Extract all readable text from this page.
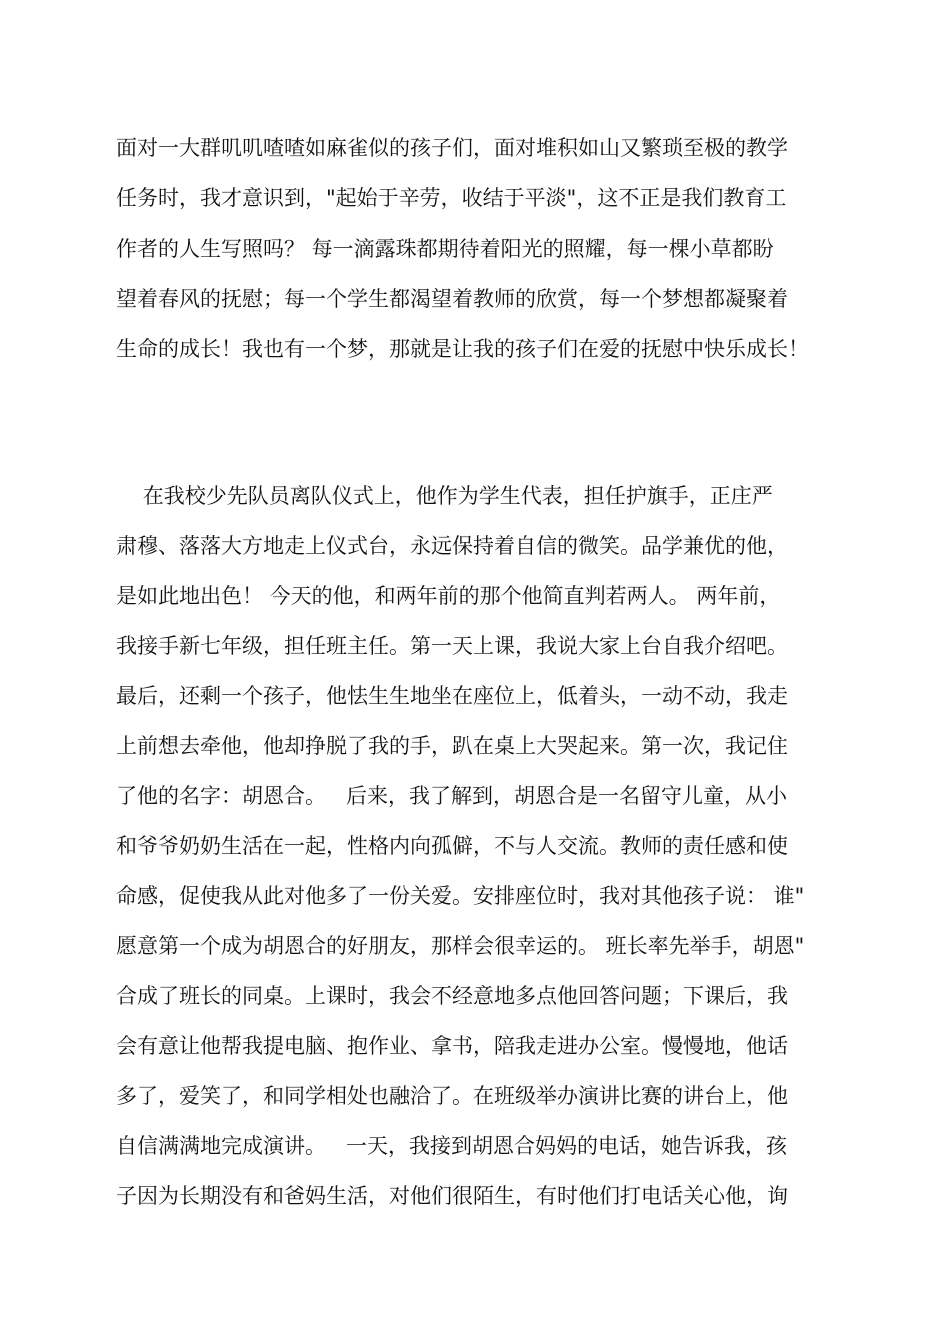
面对一大群叽叽喳喳如麻雀似的孩子们，面对堆积如山又繁琐至极的教学
任务时，我才意识到，"起始于辛劳，收结于平淡"，这不正是我们教育工
作者的人生写照吗？ 每一滴露珠都期待着阳光的照耀，每一棵小草都盼
望着春风的抚慰；每一个学生都渴望着教师的欣赏，每一个梦想都凝聚着
生命的成长！我也有一个梦，那就是让我的孩子们在爱的抚慰中快乐成长！
在我校少先队员离队仪式上，他作为学生代表，担任护旗手，正庄严
肃穆、落落大方地走上仪式台，永远保持着自信的微笑。品学兼优的他，
是如此地出色！ 今天的他，和两年前的那个他简直判若两人。 两年前，
我接手新七年级，担任班主任。第一天上课，我说大家上台自我介绍吧。
最后，还剩一个孩子，他怯生生地坐在座位上，低着头，一动不动，我走
上前想去牵他，他却挣脱了我的手，趴在桌上大哭起来。第一次，我记住
了他的名字：胡恩合。   后来，我了解到，胡恩合是一名留守儿童，从小
和爷爷奶奶生活在一起，性格内向孤僻，不与人交流。教师的责任感和使
命感，促使我从此对他多了一份关爱。安排座位时，我对其他孩子说： 谁"
愿意第一个成为胡恩合的好朋友，那样会很幸运的。 班长率先举手，胡恩"
合成了班长的同桌。上课时，我会不经意地多点他回答问题；下课后，我
会有意让他帮我提电脑、抱作业、拿书，陪我走进办公室。慢慢地，他话
多了，爱笑了，和同学相处也融洽了。在班级举办演讲比赛的讲台上，他
自信满满地完成演讲。   一天，我接到胡恩合妈妈的电话，她告诉我，孩
子因为长期没有和爸妈生活，对他们很陌生，有时他们打电话关心他，询
